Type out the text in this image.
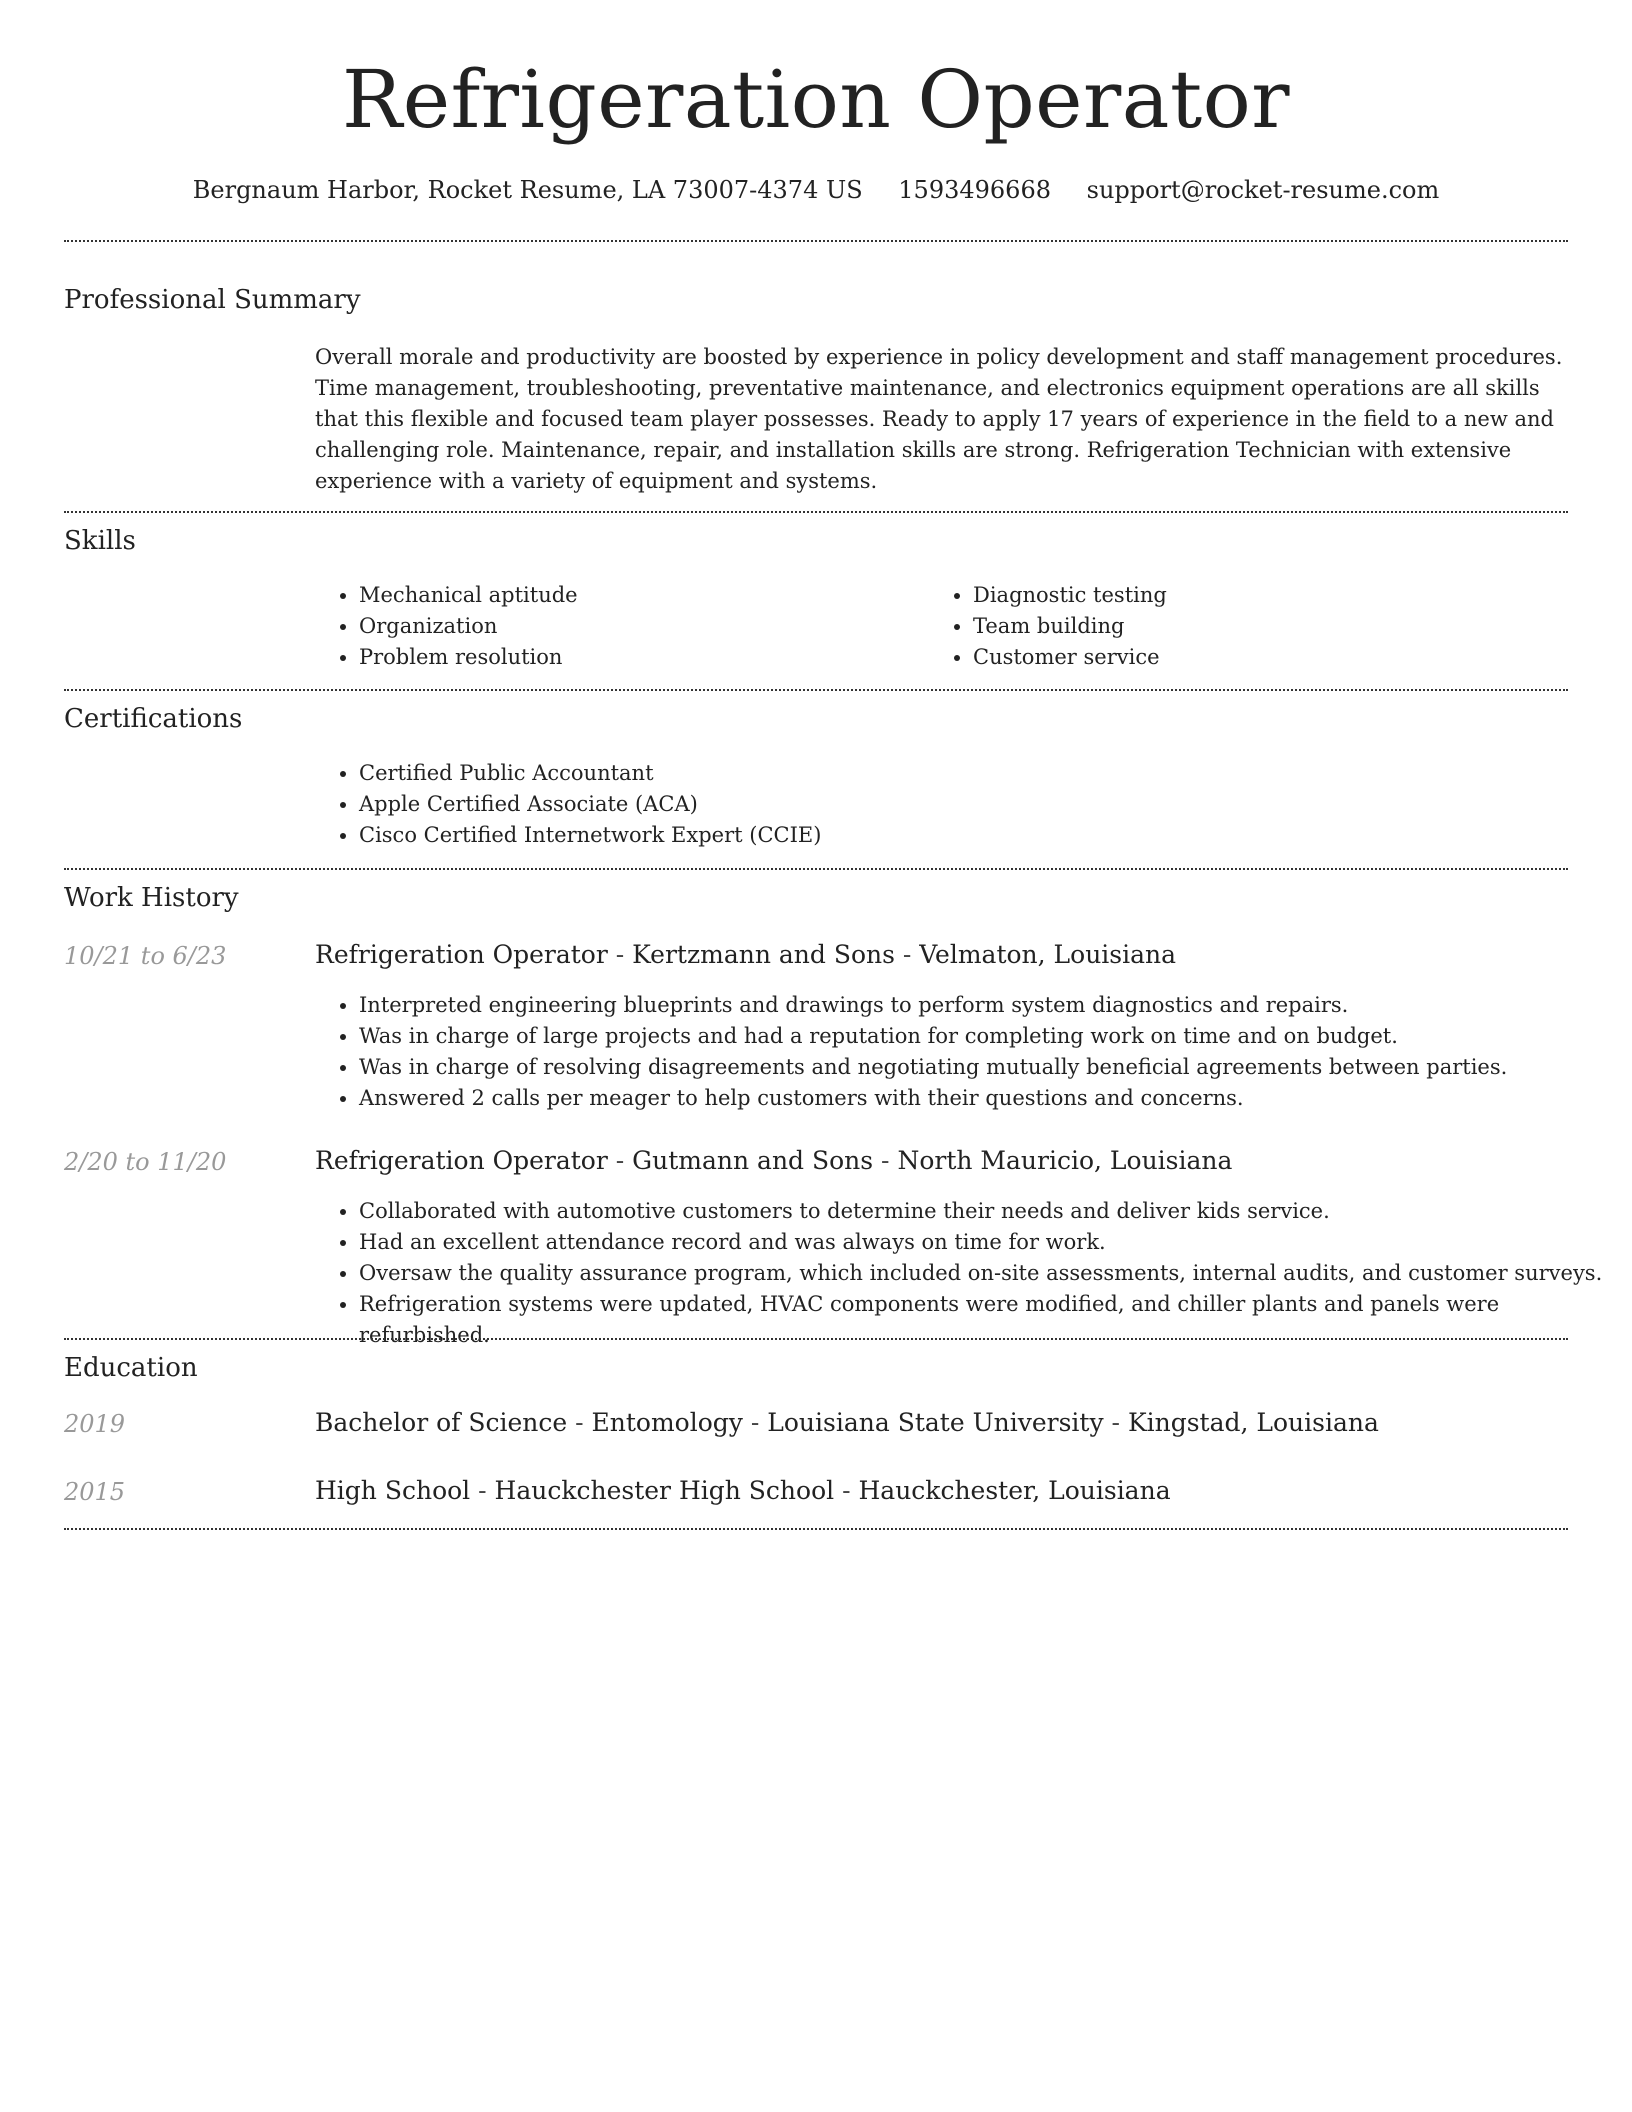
Refrigeration Operator
Bergnaum Harbor, Rocket Resume, LA 73007-4374 US 1593496668 support@rocket-resume.com
Professional Summary
Overall morale and productivity are boosted by experience in policy development and staff management procedures. Time management, troubleshooting, preventative maintenance, and electronics equipment operations are all skills that this flexible and focused team player possesses. Ready to apply 17 years of experience in the field to a new and challenging role. Maintenance, repair, and installation skills are strong. Refrigeration Technician with extensive experience with a variety of equipment and systems.
Skills
• Mechanical aptitude
• Organization
• Problem resolution
• Diagnostic testing
• Team building
• Customer service
Certifications
• Certified Public Accountant
• Apple Certified Associate (ACA)
• Cisco Certified Internetwork Expert (CCIE)
Work History
10/21 to 6/23	Refrigeration Operator - Kertzmann and Sons - Velmaton, Louisiana
• Interpreted engineering blueprints and drawings to perform system diagnostics and repairs.
• Was in charge of large projects and had a reputation for completing work on time and on budget.
• Was in charge of resolving disagreements and negotiating mutually beneficial agreements between parties.
• Answered 2 calls per meager to help customers with their questions and concerns.
2/20 to 11/20	Refrigeration Operator - Gutmann and Sons - North Mauricio, Louisiana
• Collaborated with automotive customers to determine their needs and deliver kids service.
• Had an excellent attendance record and was always on time for work.
• Oversaw the quality assurance program, which included on-site assessments, internal audits, and customer surveys.
• Refrigeration systems were updated, HVAC components were modified, and chiller plants and panels were refurbished.
Education
2019	Bachelor of Science - Entomology - Louisiana State University - Kingstad, Louisiana
2015	High School - Hauckchester High School - Hauckchester, Louisiana
